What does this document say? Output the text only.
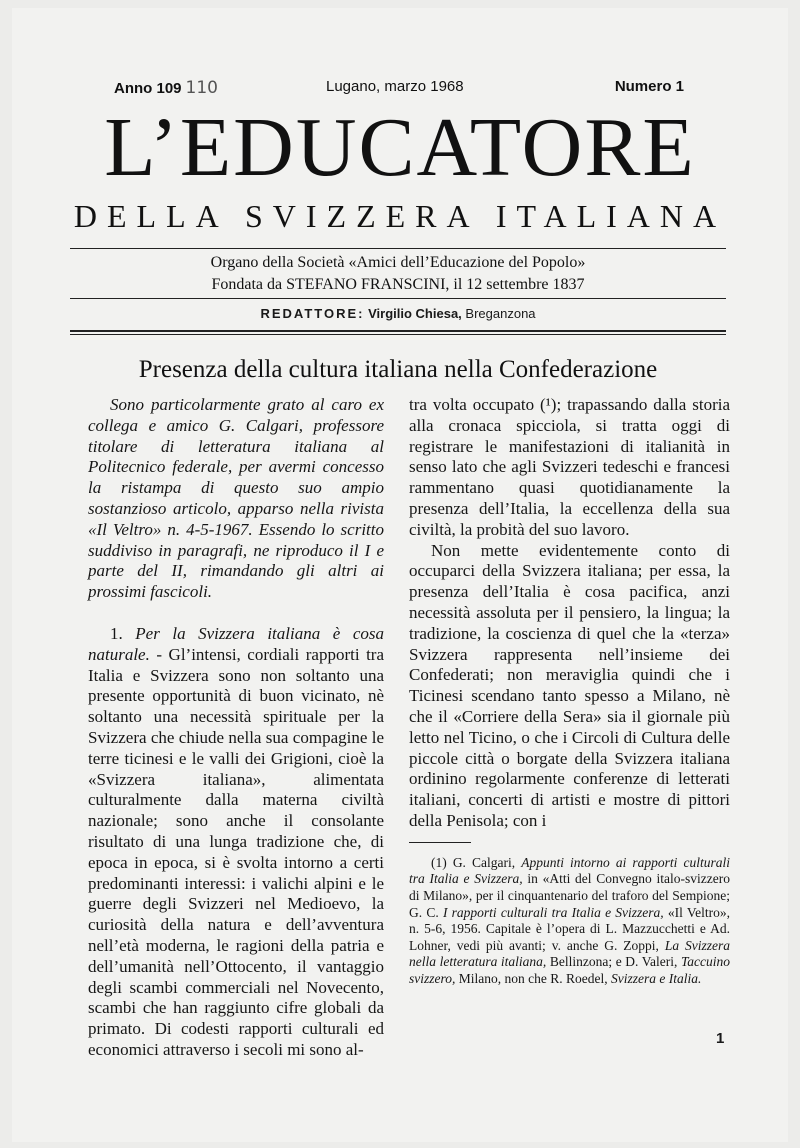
Anno 109 110	Lugano, marzo 1968	Numero 1
L’EDUCATORE
DELLA SVIZZERA ITALIANA
Organo della Società «Amici dell’Educazione del Popolo»
Fondata da STEFANO FRANSCINI, il 12 settembre 1837
REDATTORE: Virgilio Chiesa, Breganzona
Presenza della cultura italiana nella Confederazione

Sono particolarmente grato al caro ex collega e amico G. Calgari, professore titolare di letteratura italiana al Politecnico federale, per avermi concesso la ristampa di questo suo ampio sostanzioso articolo, apparso nella rivista «Il Veltro» n. 4-5-1967. Essendo lo scritto suddiviso in paragrafi, ne riproduco il I e parte del II, rimandando gli altri ai prossimi fascicoli.

1. Per la Svizzera italiana è cosa naturale. - Gl’intensi, cordiali rapporti tra Italia e Svizzera sono non soltanto una presente opportunità di buon vicinato, nè soltanto una necessità spirituale per la Svizzera che chiude nella sua compagine le terre ticinesi e le valli dei Grigioni, cioè la «Svizzera italiana», alimentata culturalmente dalla materna civiltà nazionale; sono anche il consolante risultato di una lunga tradizione che, di epoca in epoca, si è svolta intorno a certi predominanti interessi: i valichi alpini e le guerre degli Svizzeri nel Medioevo, la curiosità della natura e dell’avventura nell’età moderna, le ragioni della patria e dell’umanità nell’Ottocento, il vantaggio degli scambi commerciali nel Novecento, scambi che han raggiunto cifre globali da primato. Di codesti rapporti culturali ed economici attraverso i secoli mi sono al-

tra volta occupato (¹); trapassando dalla storia alla cronaca spicciola, si tratta oggi di registrare le manifestazioni di italianità in senso lato che agli Svizzeri tedeschi e francesi rammentano quasi quotidianamente la presenza dell’Italia, la eccellenza della sua civiltà, la probità del suo lavoro.

Non mette evidentemente conto di occuparci della Svizzera italiana; per essa, la presenza dell’Italia è cosa pacifica, anzi necessità assoluta per il pensiero, la lingua; la tradizione, la coscienza di quel che la «terza» Svizzera rappresenta nell’insieme dei Confederati; non meraviglia quindi che i Ticinesi scendano tanto spesso a Milano, nè che il «Corriere della Sera» sia il giornale più letto nel Ticino, o che i Circoli di Cultura delle piccole città o borgate della Svizzera italiana ordinino regolarmente conferenze di letterati italiani, concerti di artisti e mostre di pittori della Penisola; con i

(1) G. Calgari, Appunti intorno ai rapporti culturali tra Italia e Svizzera, in «Atti del Convegno italo-svizzero di Milano», per il cinquantenario del traforo del Sempione; G. C. I rapporti culturali tra Italia e Svizzera, «Il Veltro», n. 5-6, 1956. Capitale è l’opera di L. Mazzucchetti e Ad. Lohner, vedi più avanti; v. anche G. Zoppi, La Svizzera nella letteratura italiana, Bellinzona; e D. Valeri, Taccuino svizzero, Milano, non che R. Roedel, Svizzera e Italia.

1
